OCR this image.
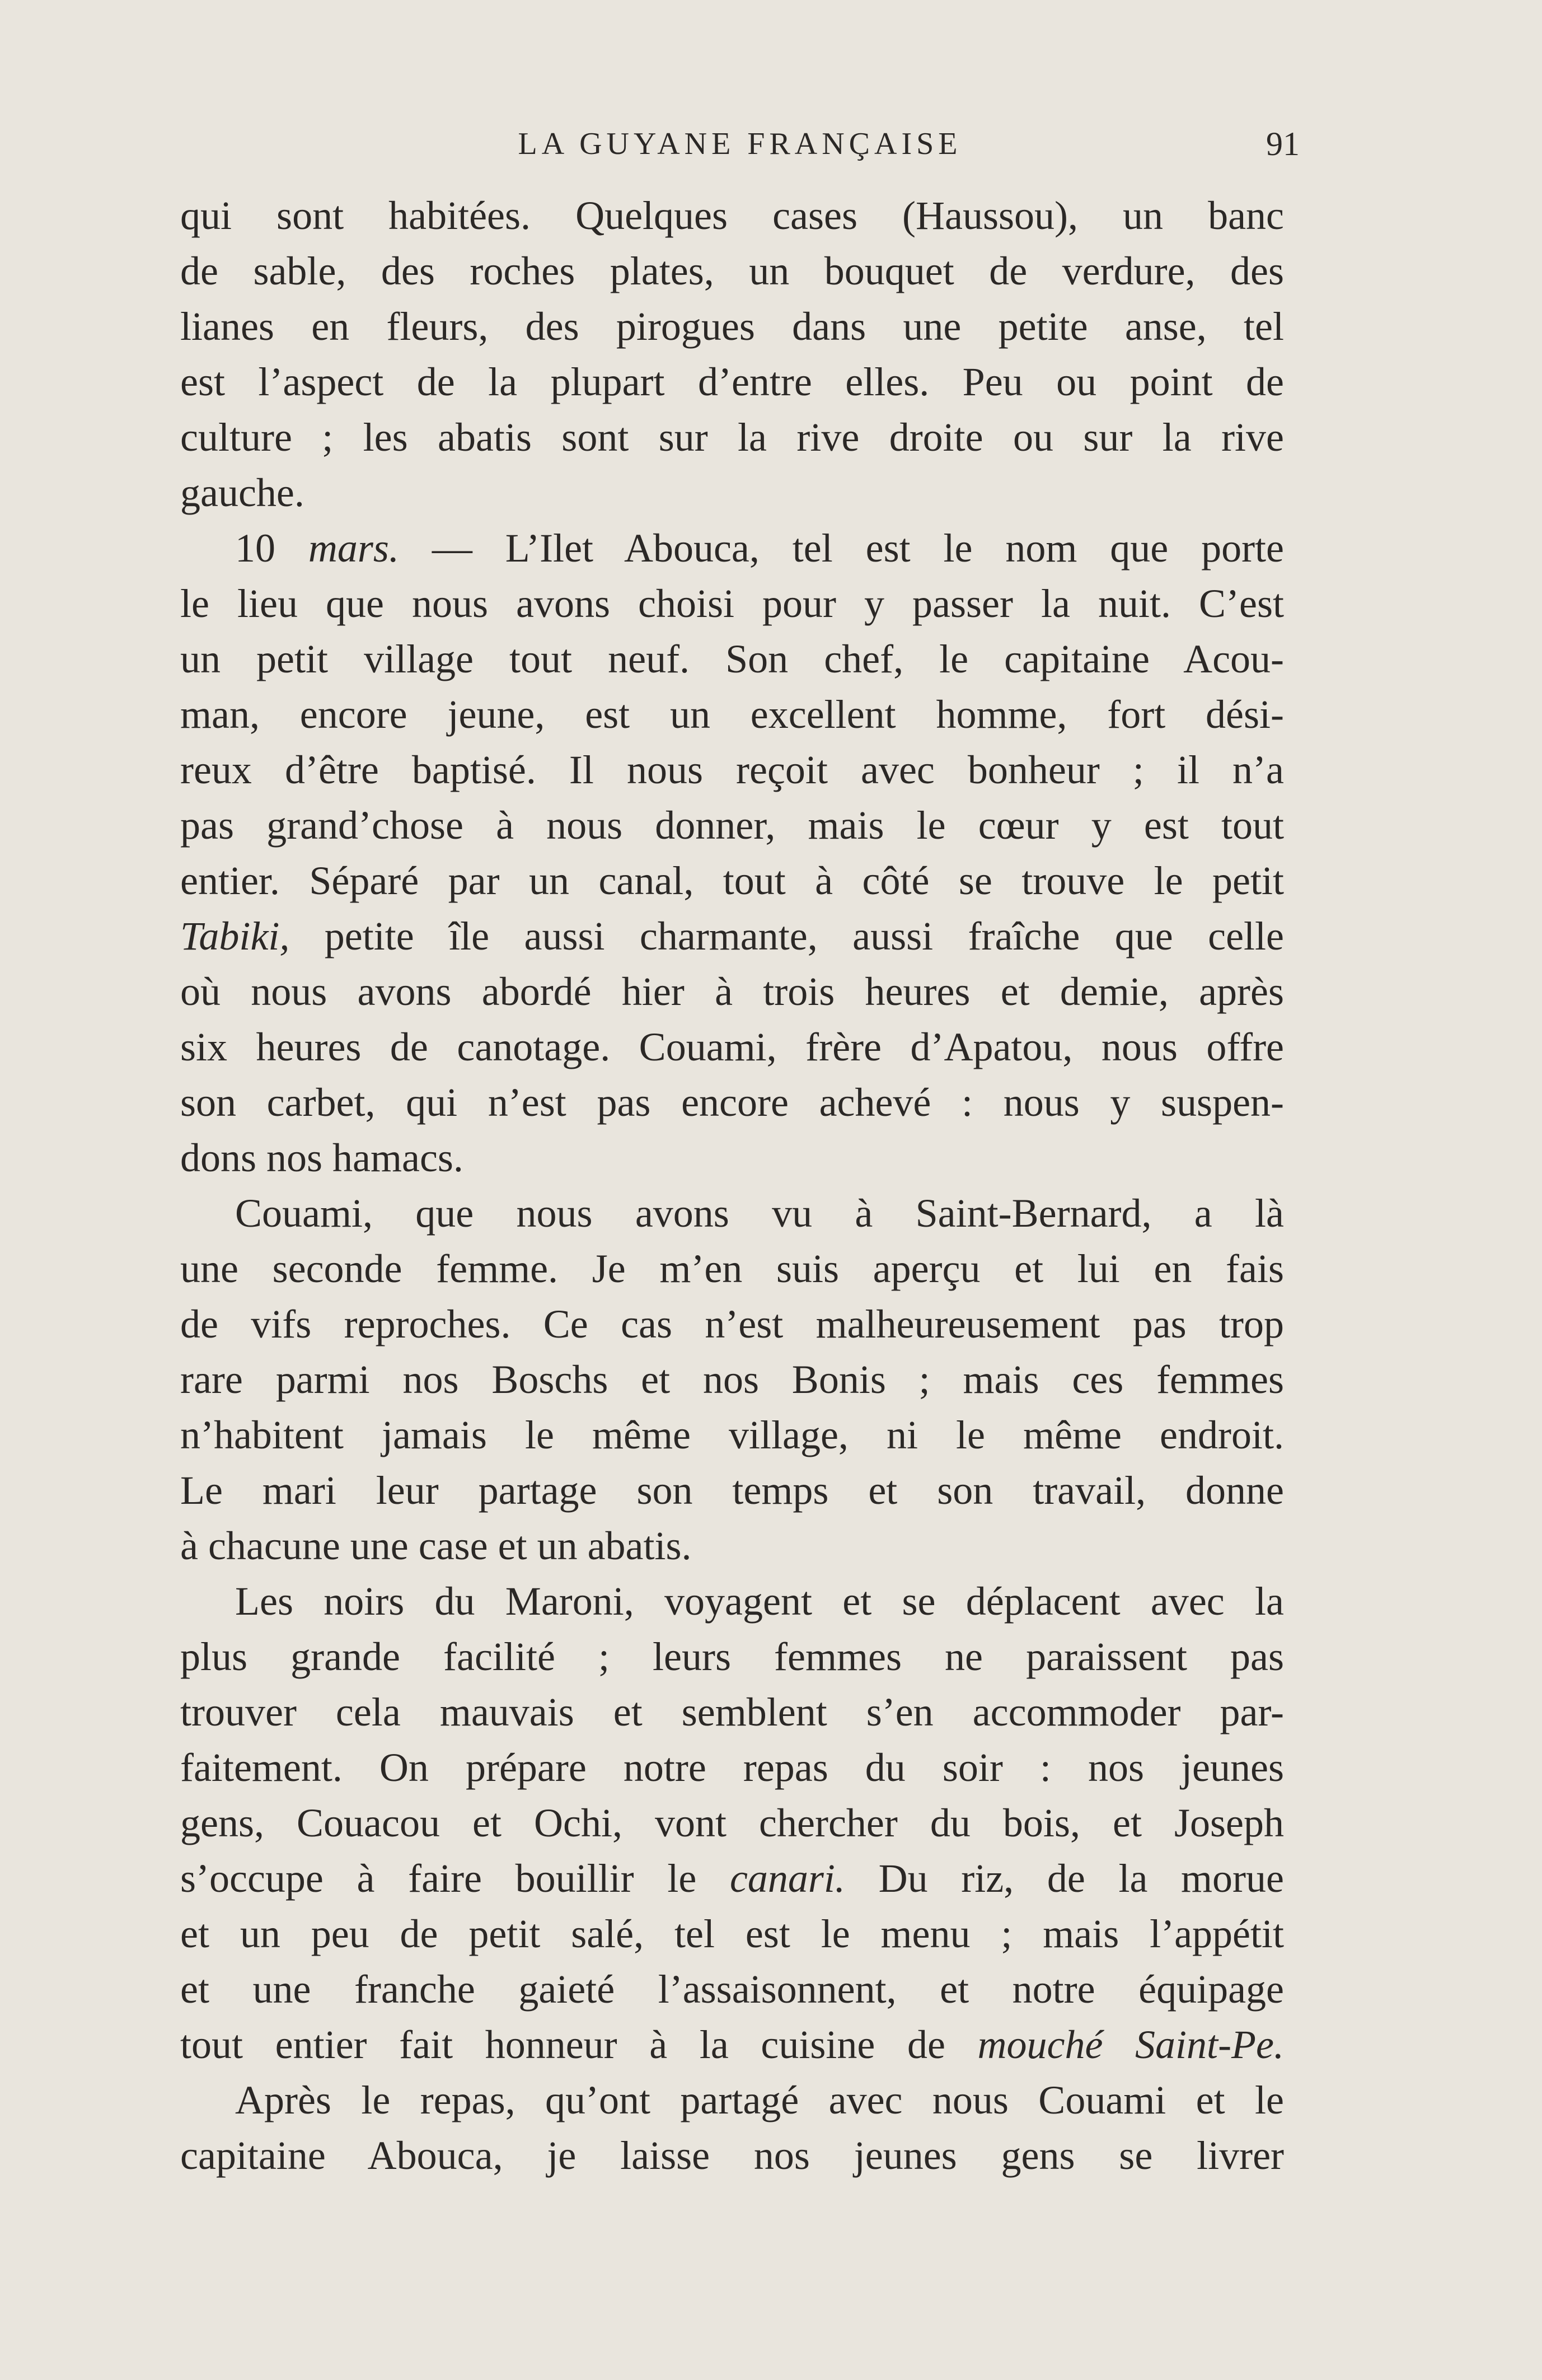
LA GUYANE FRANÇAISE	91
qui sont habitées. Quelques cases (Haussou), un banc
de sable, des roches plates, un bouquet de verdure, des
lianes en fleurs, des pirogues dans une petite anse, tel
est l’aspect de la plupart d’entre elles. Peu ou point de
culture ; les abatis sont sur la rive droite ou sur la rive
gauche.
10 mars. — L’Ilet Abouca, tel est le nom que porte
le lieu que nous avons choisi pour y passer la nuit. C’est
un petit village tout neuf. Son chef, le capitaine Acou-
man, encore jeune, est un excellent homme, fort dési-
reux d’être baptisé. Il nous reçoit avec bonheur ; il n’a
pas grand’chose à nous donner, mais le cœur y est tout
entier. Séparé par un canal, tout à côté se trouve le petit
Tabiki, petite île aussi charmante, aussi fraîche que celle
où nous avons abordé hier à trois heures et demie, après
six heures de canotage. Couami, frère d’Apatou, nous offre
son carbet, qui n’est pas encore achevé : nous y suspen-
dons nos hamacs.
Couami, que nous avons vu à Saint-Bernard, a là
une seconde femme. Je m’en suis aperçu et lui en fais
de vifs reproches. Ce cas n’est malheureusement pas trop
rare parmi nos Boschs et nos Bonis ; mais ces femmes
n’habitent jamais le même village, ni le même endroit.
Le mari leur partage son temps et son travail, donne
à chacune une case et un abatis.
Les noirs du Maroni, voyagent et se déplacent avec la
plus grande facilité ; leurs femmes ne paraissent pas
trouver cela mauvais et semblent s’en accommoder par-
faitement. On prépare notre repas du soir : nos jeunes
gens, Couacou et Ochi, vont chercher du bois, et Joseph
s’occupe à faire bouillir le canari. Du riz, de la morue
et un peu de petit salé, tel est le menu ; mais l’appétit
et une franche gaieté l’assaisonnent, et notre équipage
tout entier fait honneur à la cuisine de mouché Saint-Pe.
Après le repas, qu’ont partagé avec nous Couami et le
capitaine Abouca, je laisse nos jeunes gens se livrer
